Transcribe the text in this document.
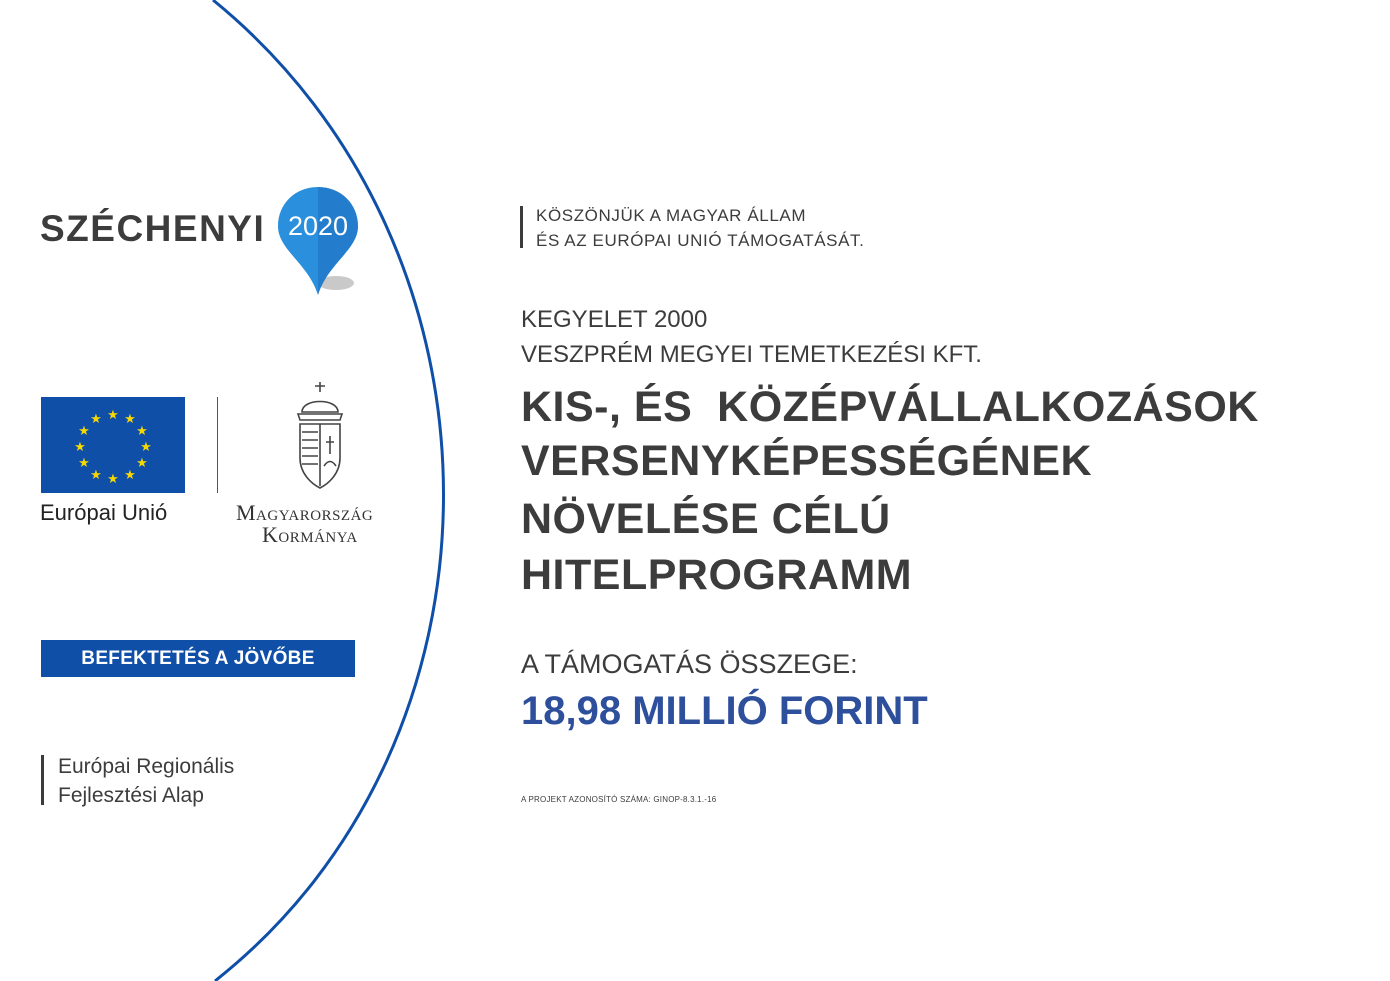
SZÉCHENYI 2020
★ ★
★
★
★
★
★
★
★
★
★
★
Európai Unió	Magyarország
Kormánya
BEFEKTETÉS A JÖVŐBE
Európai Regionális
Fejlesztési Alap
KÖSZÖNJÜK A MAGYAR ÁLLAM
ÉS AZ EURÓPAI UNIÓ TÁMOGATÁSÁT.
KEGYELET 2000
VESZPRÉM MEGYEI TEMETKEZÉSI KFT.
KIS-, ÉS  KÖZÉPVÁLLALKOZÁSOK
VERSENYKÉPESSÉGÉNEK
NÖVELÉSE CÉLÚ
HITELPROGRAMM
A TÁMOGATÁS ÖSSZEGE:
18,98 MILLIÓ FORINT
A PROJEKT AZONOSÍTÓ SZÁMA: GINOP-8.3.1.-16
